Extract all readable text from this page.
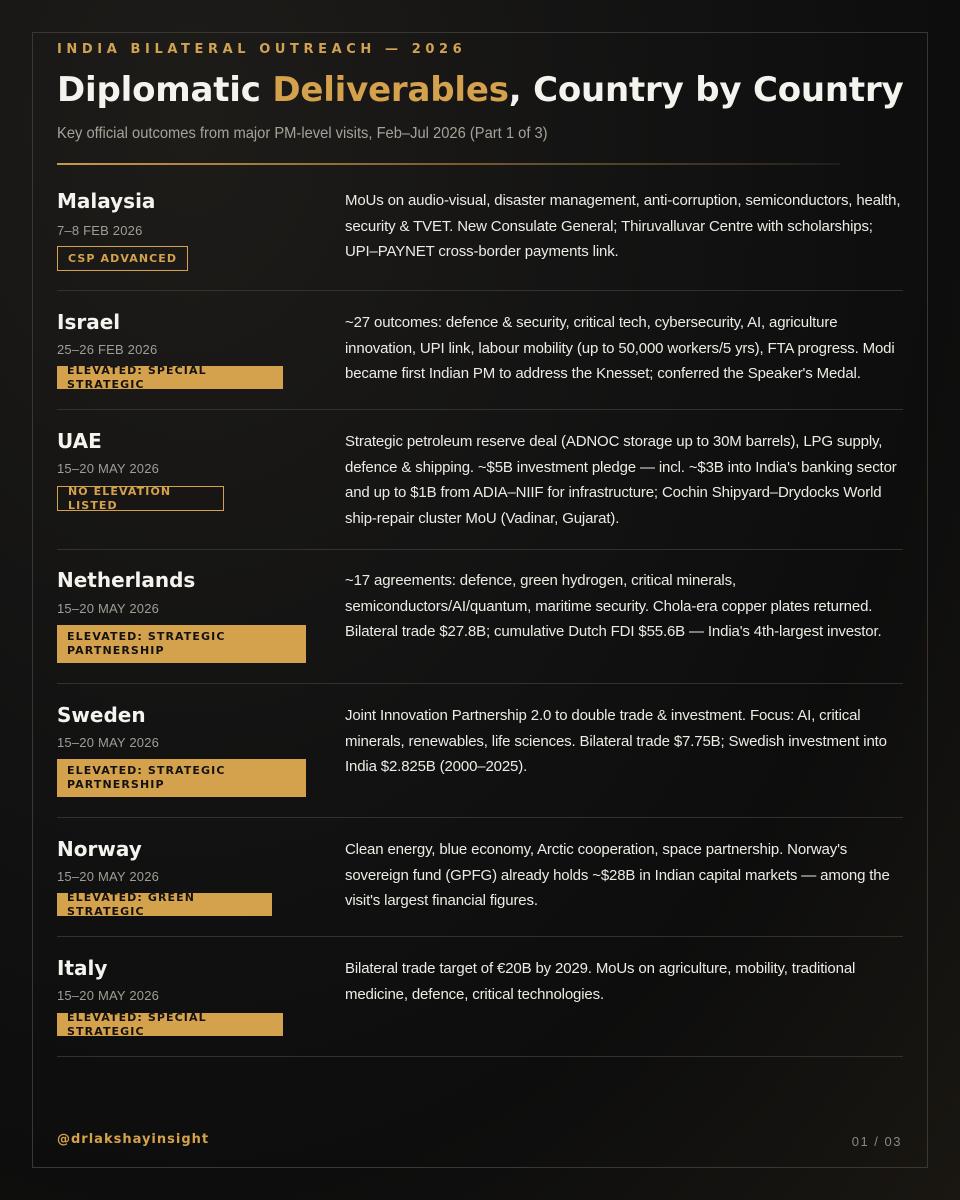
INDIA BILATERAL OUTREACH — 2026
Diplomatic Deliverables, Country by Country
Key official outcomes from major PM-level visits, Feb–Jul 2026 (Part 1 of 3)
Malaysia
7–8 FEB 2026
CSP ADVANCED
MoUs on audio-visual, disaster management, anti-corruption, semiconductors, health, security & TVET. New Consulate General; Thiruvalluvar Centre with scholarships; UPI–PAYNET cross-border payments link.
Israel
25–26 FEB 2026
ELEVATED: SPECIAL STRATEGIC
~27 outcomes: defence & security, critical tech, cybersecurity, AI, agriculture innovation, UPI link, labour mobility (up to 50,000 workers/5 yrs), FTA progress. Modi became first Indian PM to address the Knesset; conferred the Speaker's Medal.
UAE
15–20 MAY 2026
NO ELEVATION LISTED
Strategic petroleum reserve deal (ADNOC storage up to 30M barrels), LPG supply, defence & shipping. ~$5B investment pledge — incl. ~$3B into India's banking sector and up to $1B from ADIA–NIIF for infrastructure; Cochin Shipyard–Drydocks World ship-repair cluster MoU (Vadinar, Gujarat).
Netherlands
15–20 MAY 2026
ELEVATED: STRATEGIC PARTNERSHIP
~17 agreements: defence, green hydrogen, critical minerals, semiconductors/AI/quantum, maritime security. Chola-era copper plates returned. Bilateral trade $27.8B; cumulative Dutch FDI $55.6B — India's 4th-largest investor.
Sweden
15–20 MAY 2026
ELEVATED: STRATEGIC PARTNERSHIP
Joint Innovation Partnership 2.0 to double trade & investment. Focus: AI, critical minerals, renewables, life sciences. Bilateral trade $7.75B; Swedish investment into India $2.825B (2000–2025).
Norway
15–20 MAY 2026
ELEVATED: GREEN STRATEGIC
Clean energy, blue economy, Arctic cooperation, space partnership. Norway's sovereign fund (GPFG) already holds ~$28B in Indian capital markets — among the visit's largest financial figures.
Italy
15–20 MAY 2026
ELEVATED: SPECIAL STRATEGIC
Bilateral trade target of €20B by 2029. MoUs on agriculture, mobility, traditional medicine, defence, critical technologies.
@drlakshayinsight	01 / 03
